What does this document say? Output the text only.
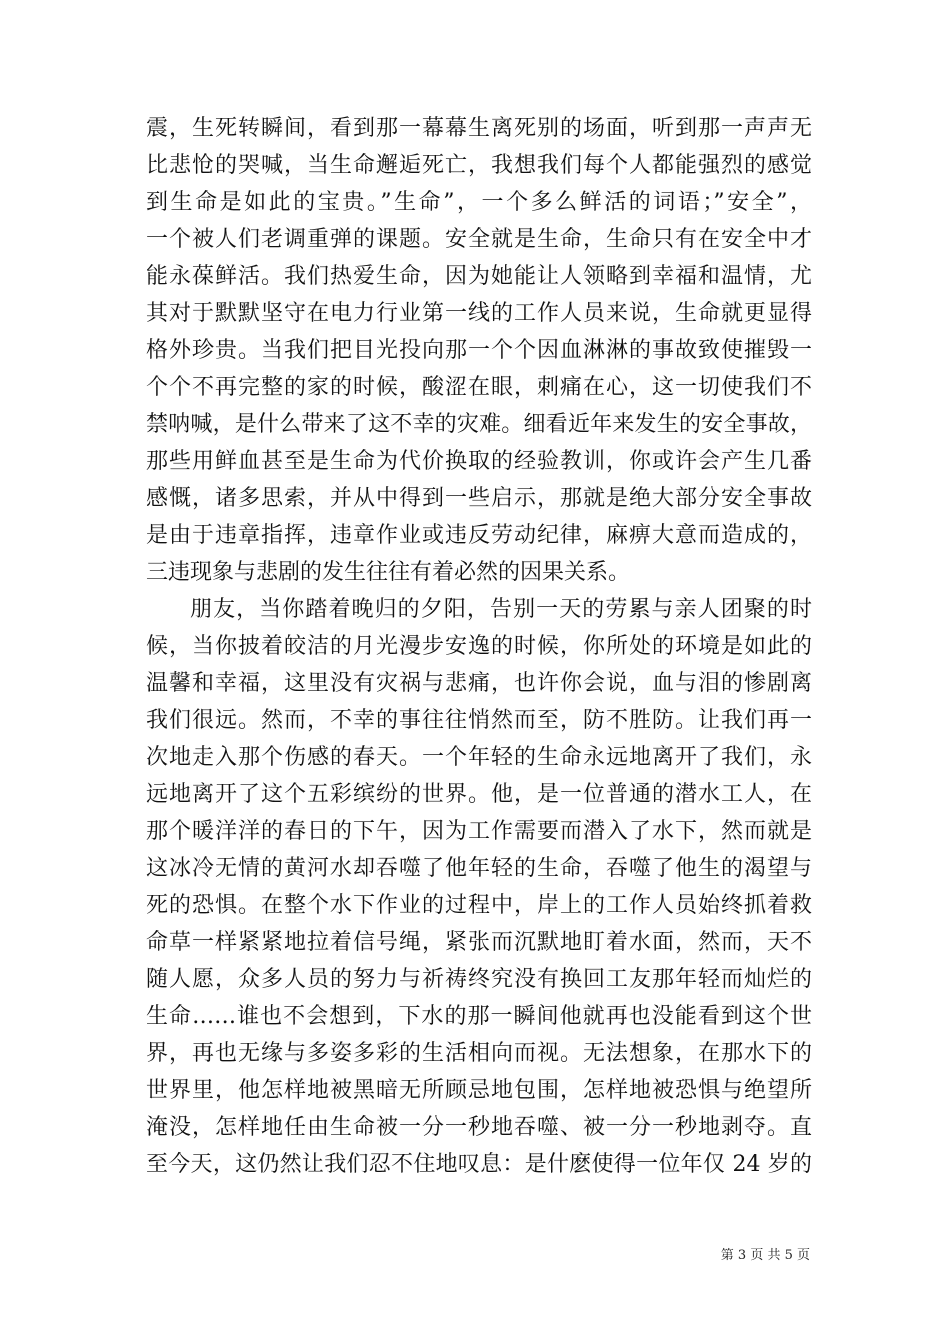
震，生死转瞬间，看到那一幕幕生离死别的场面，听到那一声声无
比悲怆的哭喊，当生命邂逅死亡，我想我们每个人都能强烈的感觉
到生命是如此的宝贵。”生命”，一个多么鲜活的词语；”安全”，
一个被人们老调重弹的课题。安全就是生命，生命只有在安全中才
能永葆鲜活。我们热爱生命，因为她能让人领略到幸福和温情，尤
其对于默默坚守在电力行业第一线的工作人员来说，生命就更显得
格外珍贵。当我们把目光投向那一个个因血淋淋的事故致使摧毁一
个个不再完整的家的时候，酸涩在眼，刺痛在心，这一切使我们不
禁呐喊，是什么带来了这不幸的灾难。细看近年来发生的安全事故，
那些用鲜血甚至是生命为代价换取的经验教训，你或许会产生几番
感慨，诸多思索，并从中得到一些启示，那就是绝大部分安全事故
是由于违章指挥，违章作业或违反劳动纪律，麻痹大意而造成的，
三违现象与悲剧的发生往往有着必然的因果关系。
朋友，当你踏着晚归的夕阳，告别一天的劳累与亲人团聚的时
候，当你披着皎洁的月光漫步安逸的时候，你所处的环境是如此的
温馨和幸福，这里没有灾祸与悲痛，也许你会说，血与泪的惨剧离
我们很远。然而，不幸的事往往悄然而至，防不胜防。让我们再一
次地走入那个伤感的春天。一个年轻的生命永远地离开了我们，永
远地离开了这个五彩缤纷的世界。他，是一位普通的潜水工人，在
那个暖洋洋的春日的下午，因为工作需要而潜入了水下，然而就是
这冰冷无情的黄河水却吞噬了他年轻的生命，吞噬了他生的渴望与
死的恐惧。在整个水下作业的过程中，岸上的工作人员始终抓着救
命草一样紧紧地拉着信号绳，紧张而沉默地盯着水面，然而，天不
随人愿，众多人员的努力与祈祷终究没有换回工友那年轻而灿烂的
生命……谁也不会想到，下水的那一瞬间他就再也没能看到这个世
界，再也无缘与多姿多彩的生活相向而视。无法想象，在那水下的
世界里，他怎样地被黑暗无所顾忌地包围，怎样地被恐惧与绝望所
淹没，怎样地任由生命被一分一秒地吞噬、被一分一秒地剥夺。直
至今天，这仍然让我们忍不住地叹息：是什麽使得一位年仅 24 岁的
第 3 页 共 5 页
